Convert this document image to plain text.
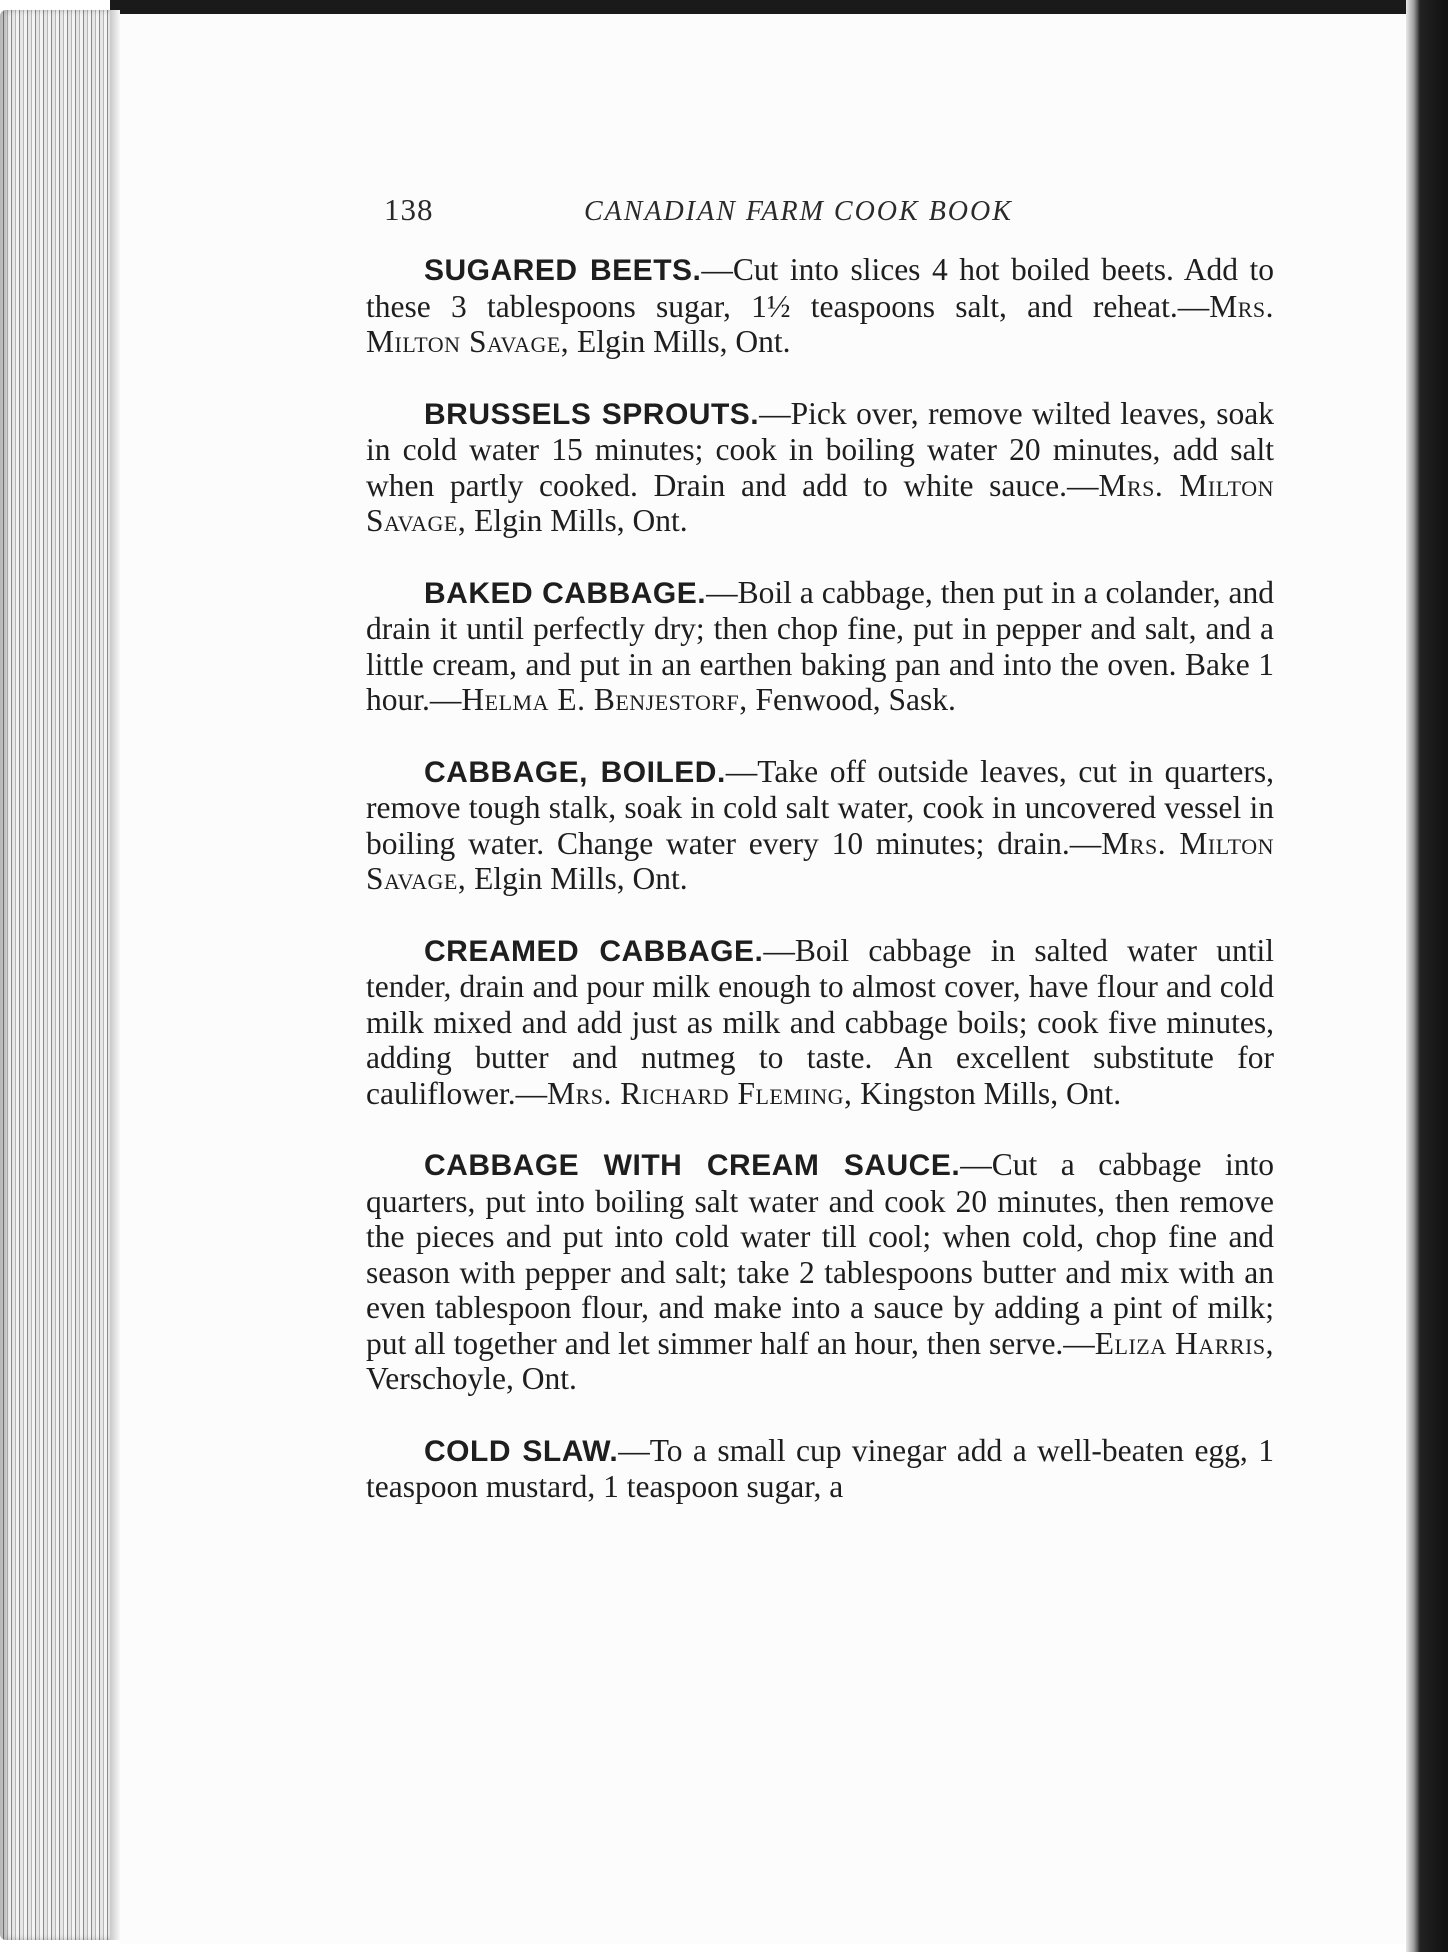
138	CANADIAN FARM COOK BOOK

SUGARED BEETS.—Cut into slices 4 hot boiled beets. Add to these 3 tablespoons sugar, 1½ teaspoons salt, and reheat.—Mrs. Milton Savage, Elgin Mills, Ont.

BRUSSELS SPROUTS.—Pick over, remove wilted leaves, soak in cold water 15 minutes; cook in boiling water 20 minutes, add salt when partly cooked. Drain and add to white sauce.—Mrs. Milton Savage, Elgin Mills, Ont.

BAKED CABBAGE.—Boil a cabbage, then put in a colander, and drain it until perfectly dry; then chop fine, put in pepper and salt, and a little cream, and put in an earthen baking pan and into the oven. Bake 1 hour.—Helma E. Benjestorf, Fenwood, Sask.

CABBAGE, BOILED.—Take off outside leaves, cut in quarters, remove tough stalk, soak in cold salt water, cook in uncovered vessel in boiling water. Change water every 10 minutes; drain.—Mrs. Milton Savage, Elgin Mills, Ont.

CREAMED CABBAGE.—Boil cabbage in salted water until tender, drain and pour milk enough to almost cover, have flour and cold milk mixed and add just as milk and cabbage boils; cook five minutes, adding butter and nutmeg to taste. An excellent substitute for cauliflower.—Mrs. Richard Fleming, Kingston Mills, Ont.

CABBAGE WITH CREAM SAUCE.—Cut a cabbage into quarters, put into boiling salt water and cook 20 minutes, then remove the pieces and put into cold water till cool; when cold, chop fine and season with pepper and salt; take 2 tablespoons butter and mix with an even tablespoon flour, and make into a sauce by adding a pint of milk; put all together and let simmer half an hour, then serve.—Eliza Harris, Verschoyle, Ont.

COLD SLAW.—To a small cup vinegar add a well-beaten egg, 1 teaspoon mustard, 1 teaspoon sugar, a
